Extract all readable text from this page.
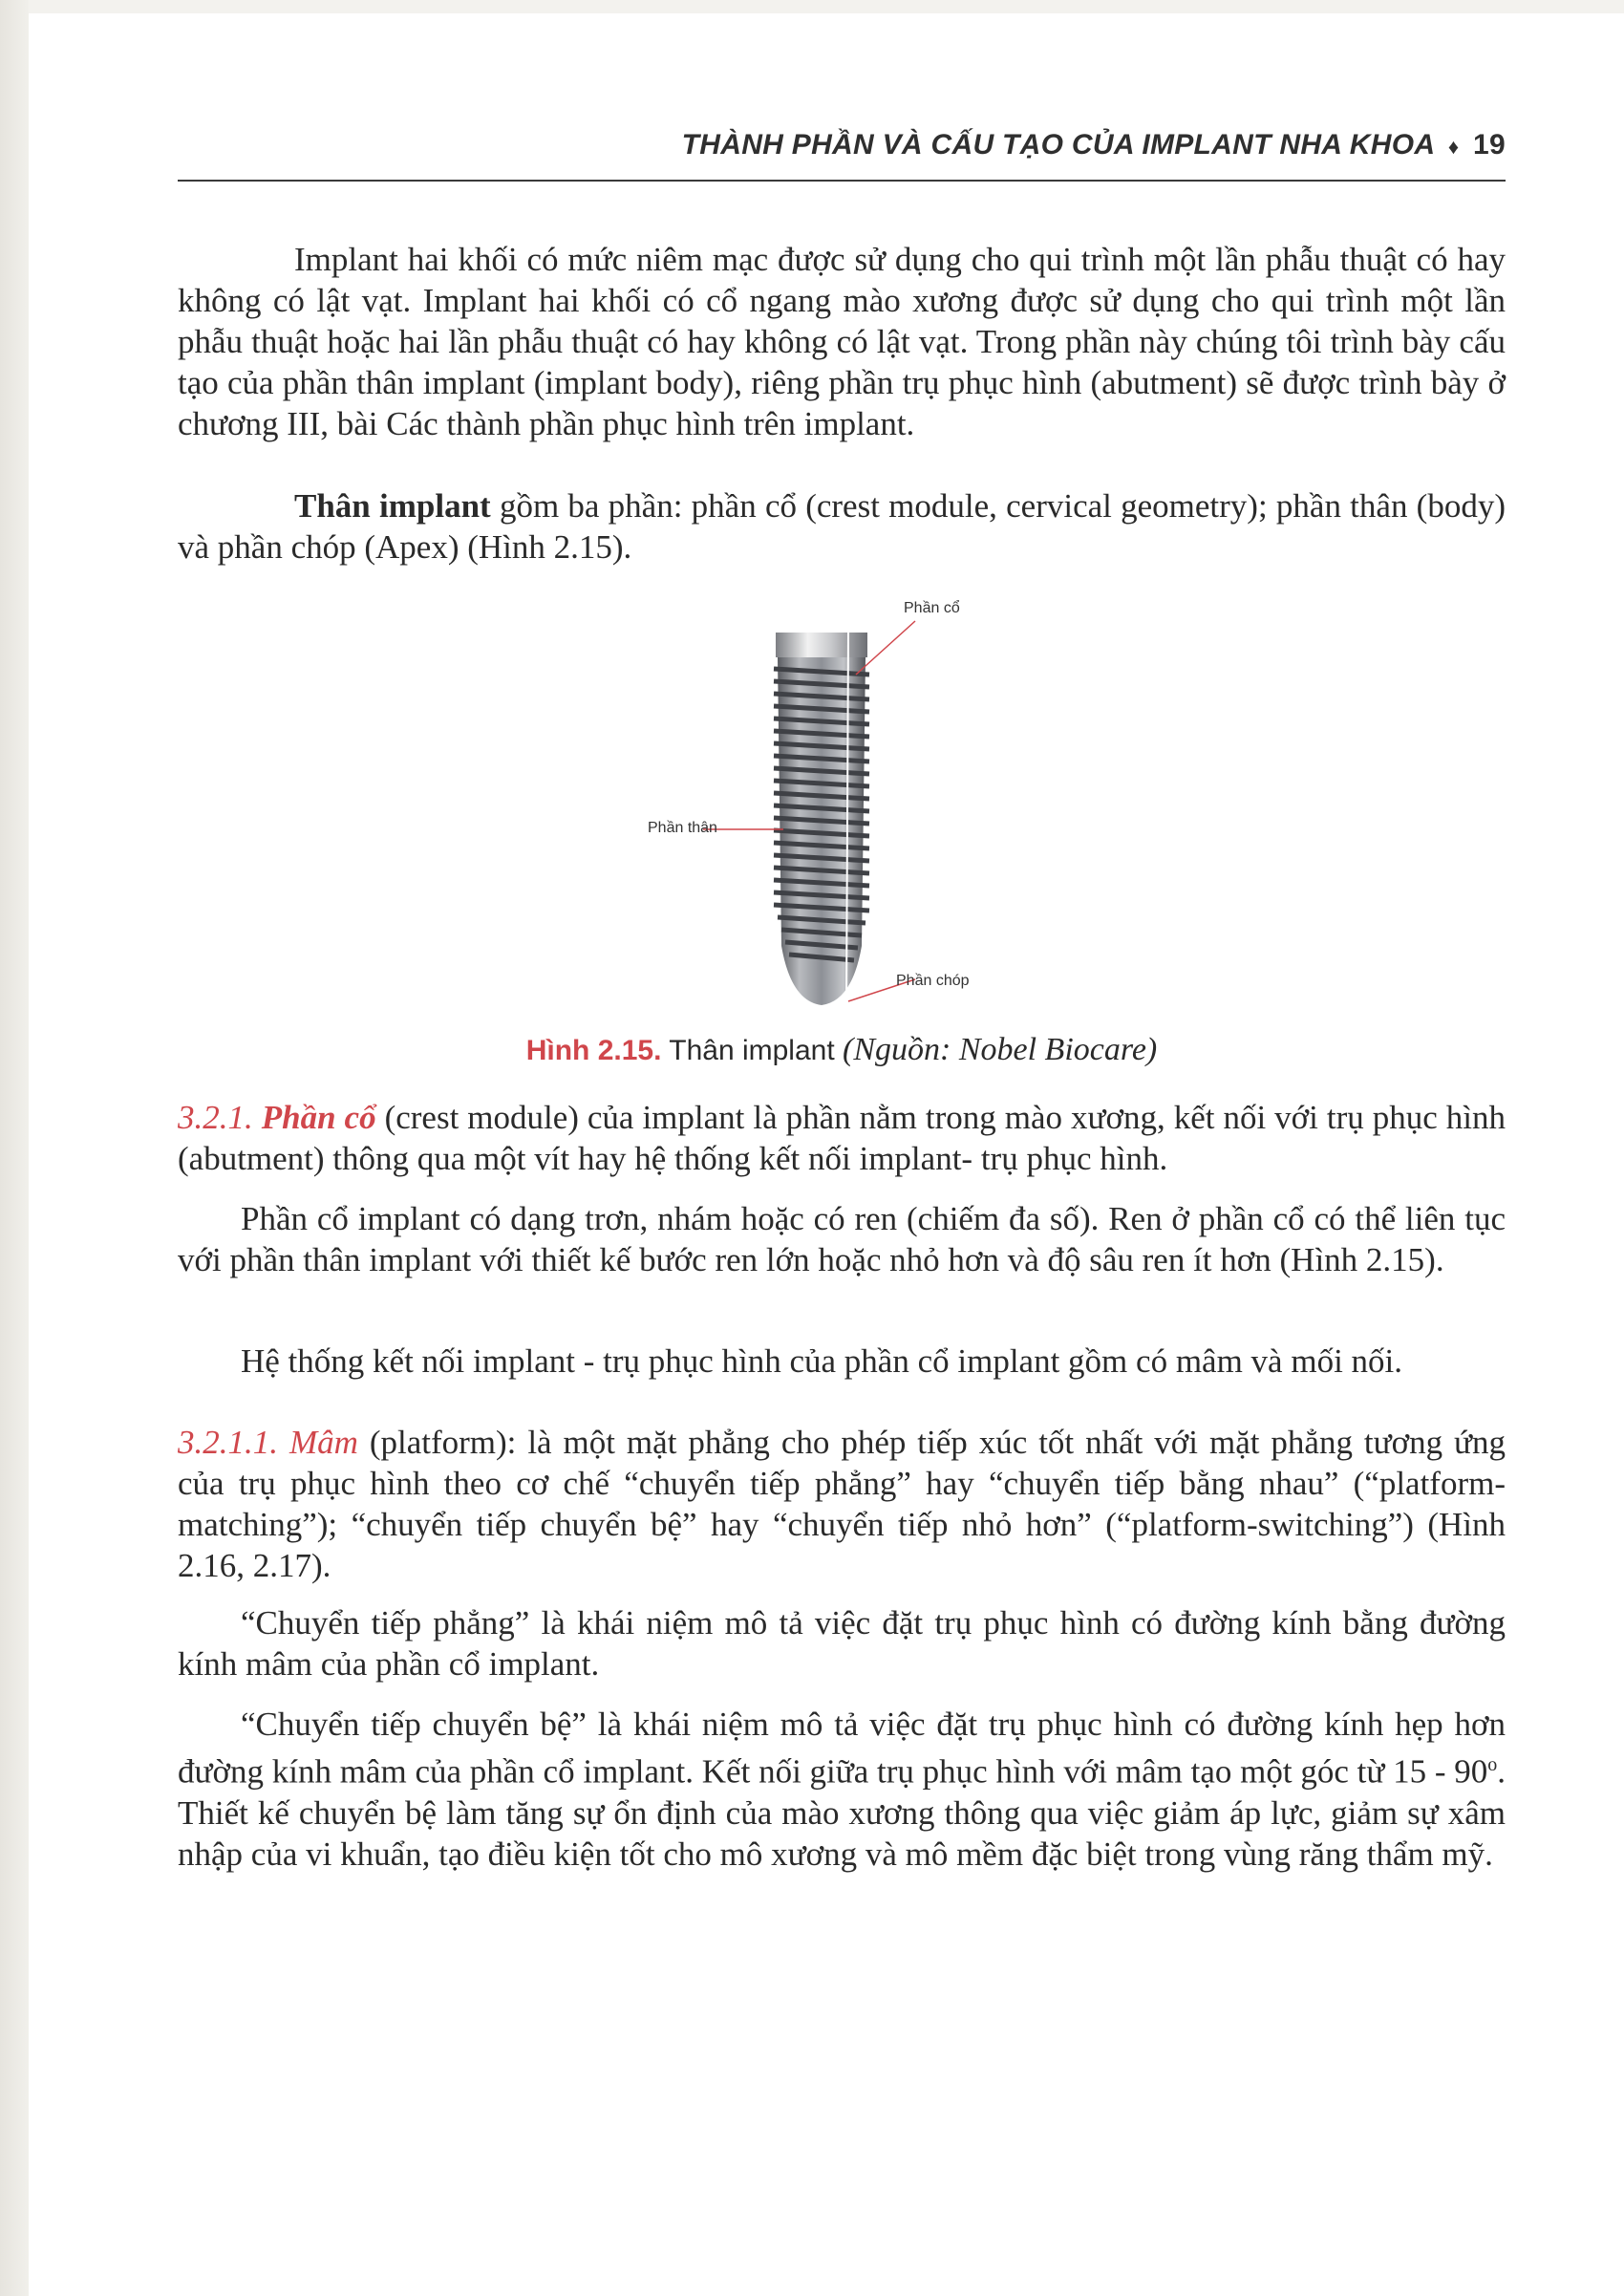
THÀNH PHẦN VÀ CẤU TẠO CỦA IMPLANT NHA KHOA ♦ 19

Implant hai khối có mức niêm mạc được sử dụng cho qui trình một lần phẫu thuật có hay không có lật vạt. Implant hai khối có cổ ngang mào xương được sử dụng cho qui trình một lần phẫu thuật hoặc hai lần phẫu thuật có hay không có lật vạt. Trong phần này chúng tôi trình bày cấu tạo của phần thân implant (implant body), riêng phần trụ phục hình (abutment) sẽ được trình bày ở chương III, bài Các thành phần phục hình trên implant.

Thân implant gồm ba phần: phần cổ (crest module, cervical geometry); phần thân (body) và phần chóp (Apex) (Hình 2.15).

Phần cổ
Phần thân
Phần chóp
Hình 2.15. Thân implant (Nguồn: Nobel Biocare)

3.2.1. Phần cổ (crest module) của implant là phần nằm trong mào xương, kết nối với trụ phục hình (abutment) thông qua một vít hay hệ thống kết nối implant- trụ phục hình.

Phần cổ implant có dạng trơn, nhám hoặc có ren (chiếm đa số). Ren ở phần cổ có thể liên tục với phần thân implant với thiết kế bước ren lớn hoặc nhỏ hơn và độ sâu ren ít hơn (Hình 2.15).

Hệ thống kết nối implant - trụ phục hình của phần cổ implant gồm có mâm và mối nối.

3.2.1.1. Mâm (platform): là một mặt phẳng cho phép tiếp xúc tốt nhất với mặt phẳng tương ứng của trụ phục hình theo cơ chế “chuyển tiếp phẳng” hay “chuyển tiếp bằng nhau” (“platform-matching”); “chuyển tiếp chuyển bệ” hay “chuyển tiếp nhỏ hơn” (“platform-switching”) (Hình 2.16, 2.17).

“Chuyển tiếp phẳng” là khái niệm mô tả việc đặt trụ phục hình có đường kính bằng đường kính mâm của phần cổ implant.

“Chuyển tiếp chuyển bệ” là khái niệm mô tả việc đặt trụ phục hình có đường kính hẹp hơn đường kính mâm của phần cổ implant. Kết nối giữa trụ phục hình với mâm tạo một góc từ 15 - 90$^o$. Thiết kế chuyển bệ làm tăng sự ổn định của mào xương thông qua việc giảm áp lực, giảm sự xâm nhập của vi khuẩn, tạo điều kiện tốt cho mô xương và mô mềm đặc biệt trong vùng răng thẩm mỹ.
